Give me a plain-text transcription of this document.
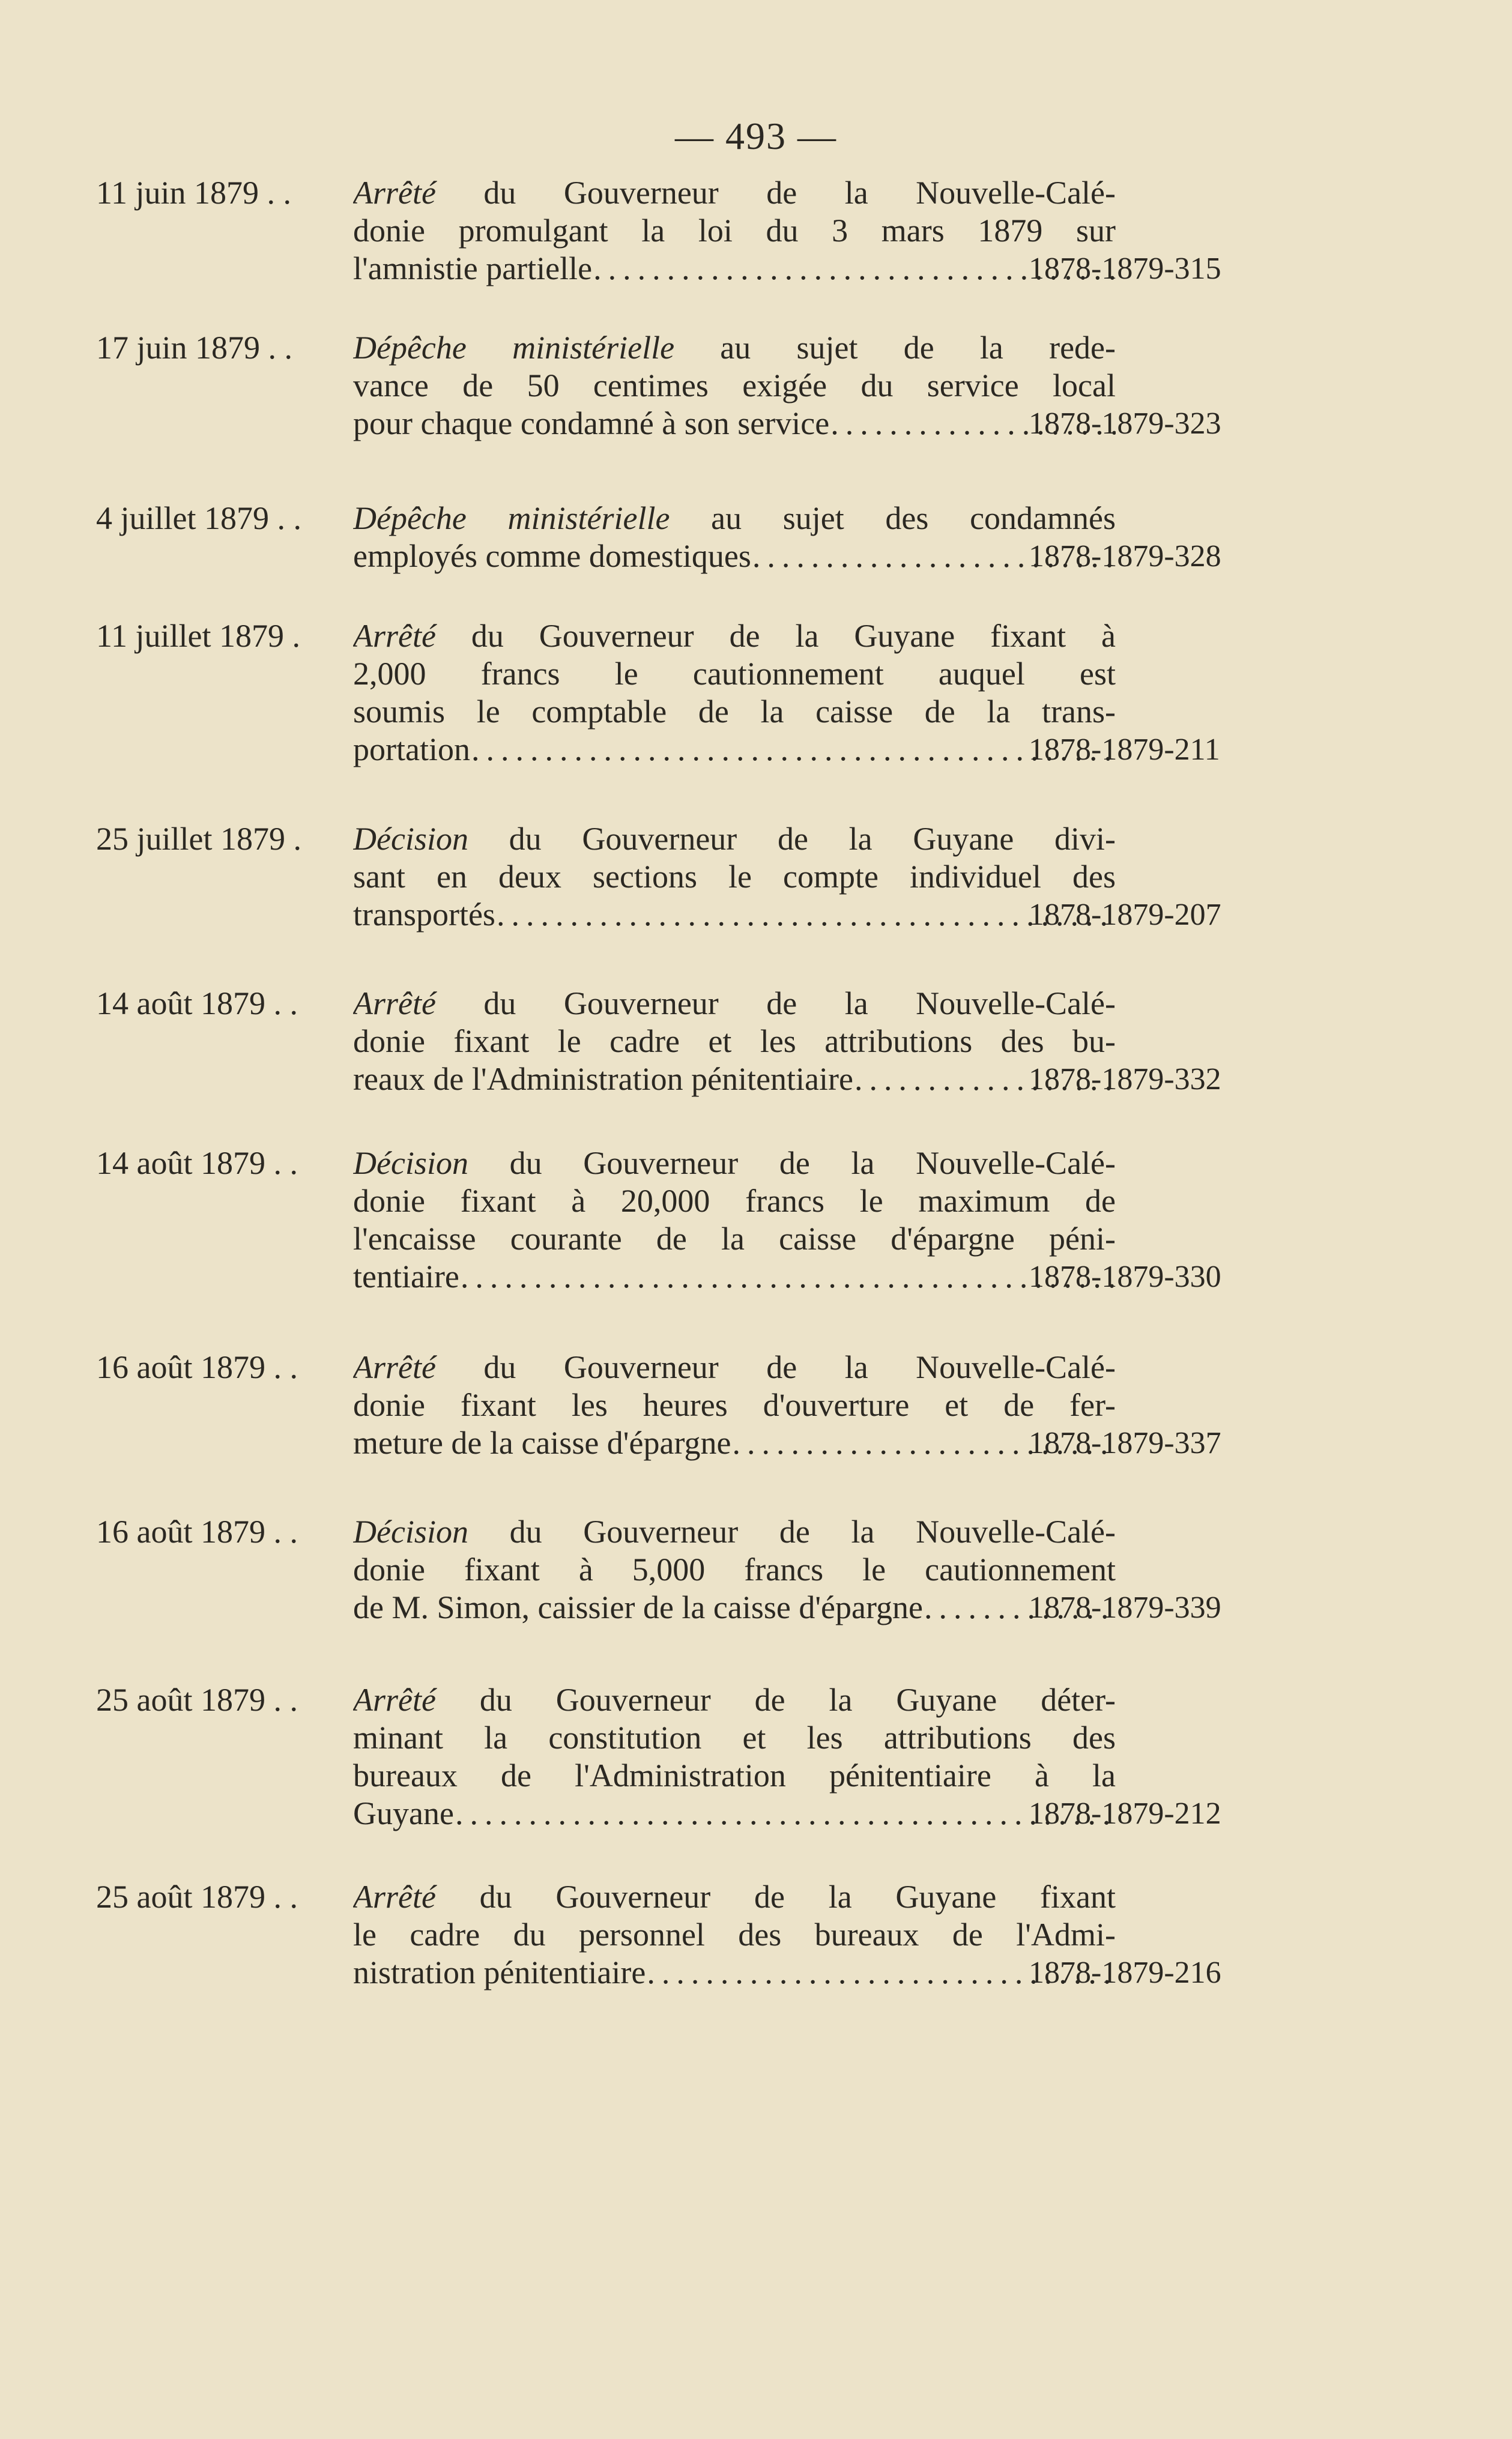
— 493 —
11 juin 1879 . . Arrêté du Gouverneur de la Nouvelle-Calé-
donie promulgant la loi du 3 mars 1879 sur
l'amnistie partielle .....	1878-1879-315
17 juin 1879 . . Dépêche ministérielle au sujet de la rede-
vance de 50 centimes exigée du service local
pour chaque condamné à son service .....	1878-1879-323
4 juillet 1879 . . Dépêche ministérielle au sujet des condamnés
employés comme domestiques .....	1878-1879-328
11 juillet 1879 . Arrêté du Gouverneur de la Guyane fixant à
2,000 francs le cautionnement auquel est
soumis le comptable de la caisse de la trans-
portation .....	1878-1879-211
25 juillet 1879 . Décision du Gouverneur de la Guyane divi-
sant en deux sections le compte individuel des
transportés .....	1878-1879-207
14 août 1879 . . Arrêté du Gouverneur de la Nouvelle-Calé-
donie fixant le cadre et les attributions des bu-
reaux de l'Administration pénitentiaire .....	1878-1879-332
14 août 1879 . . Décision du Gouverneur de la Nouvelle-Calé-
donie fixant à 20,000 francs le maximum de
l'encaisse courante de la caisse d'épargne péni-
tentiaire .....	1878-1879-330
16 août 1879 . . Arrêté du Gouverneur de la Nouvelle-Calé-
donie fixant les heures d'ouverture et de fer-
meture de la caisse d'épargne .....	1878-1879-337
16 août 1879 . . Décision du Gouverneur de la Nouvelle-Calé-
donie fixant à 5,000 francs le cautionnement
de M. Simon, caissier de la caisse d'épargne .....	1878-1879-339
25 août 1879 . . Arrêté du Gouverneur de la Guyane déter-
minant la constitution et les attributions des
bureaux de l'Administration pénitentiaire à la
Guyane .....	1878-1879-212
25 août 1879 . . Arrêté du Gouverneur de la Guyane fixant
le cadre du personnel des bureaux de l'Admi-
nistration pénitentiaire .....	1878-1879-216
